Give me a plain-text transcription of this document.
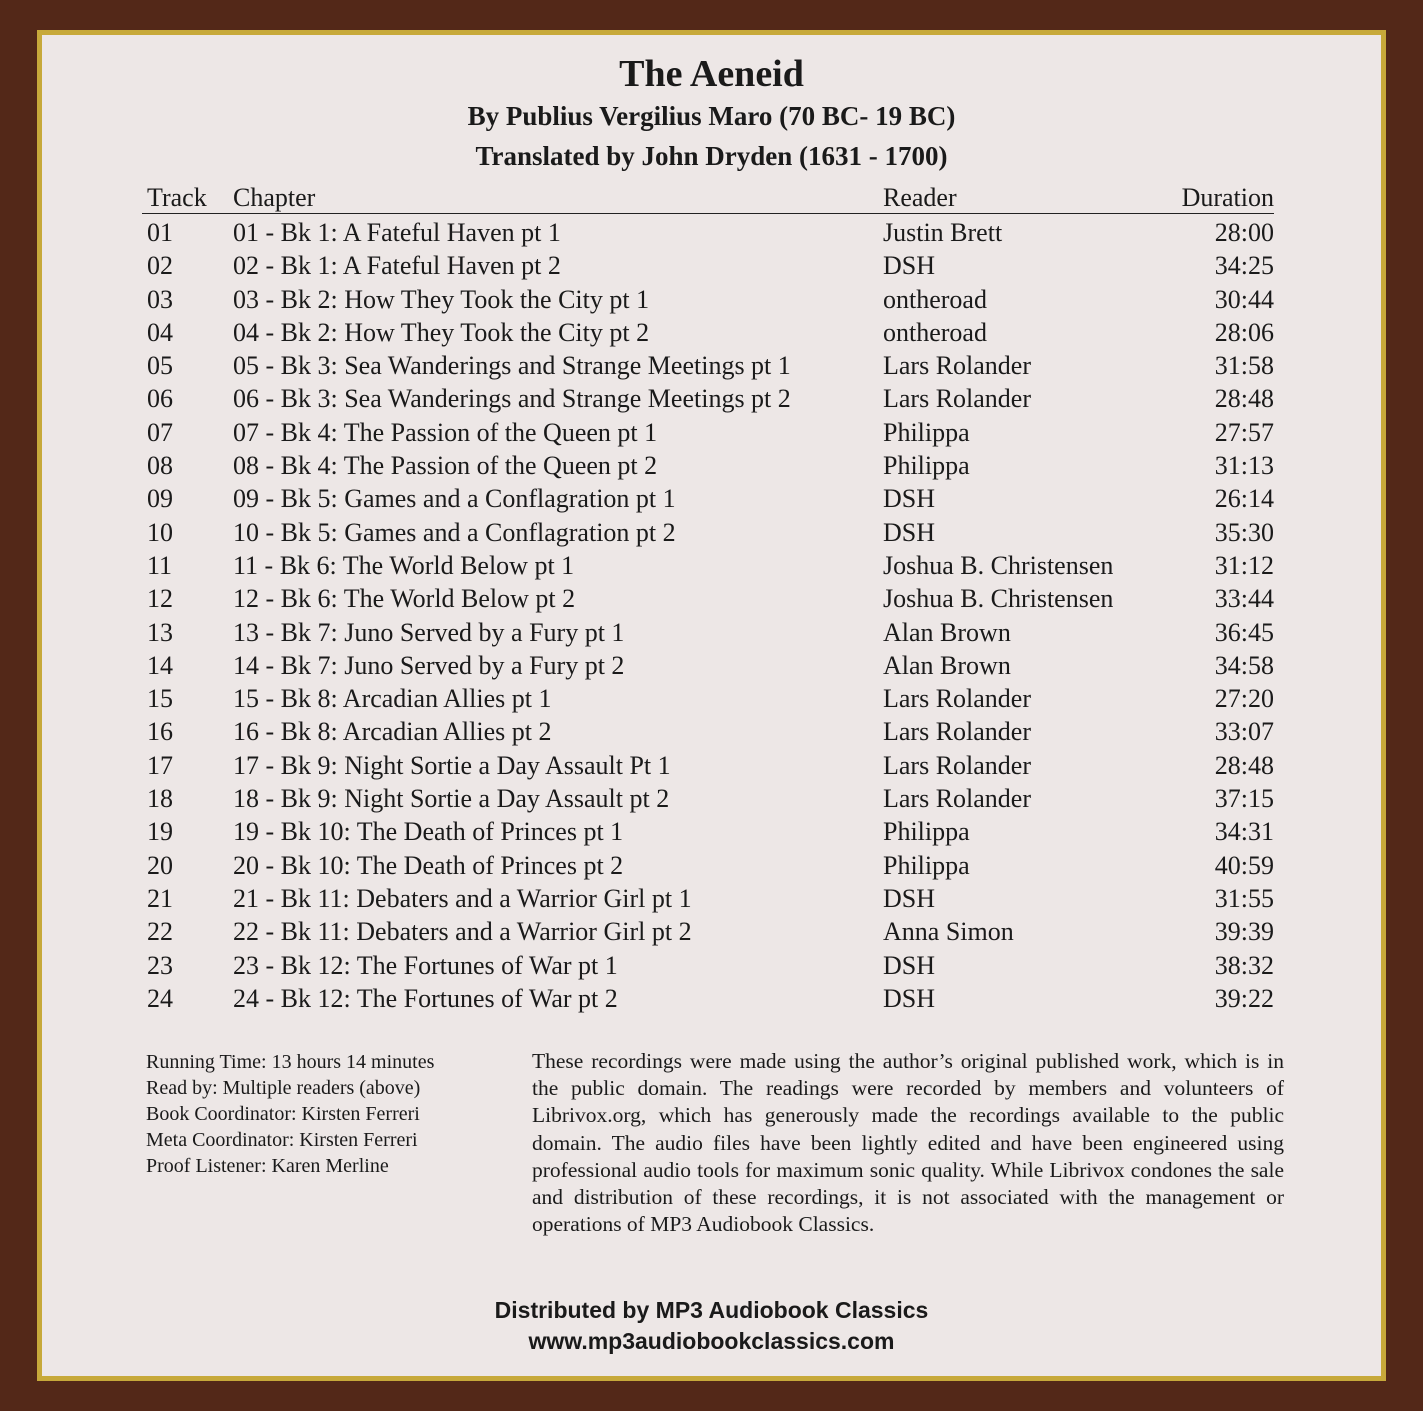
The Aeneid
By Publius Vergilius Maro (70 BC- 19 BC)
Translated by John Dryden (1631 - 1700)
Track Chapter	Reader	Duration
01 01 - Bk 1: A Fateful Haven pt 1	Justin Brett	28:00
02 02 - Bk 1: A Fateful Haven pt 2	DSH	34:25
03 03 - Bk 2: How They Took the City pt 1	ontheroad	30:44
04 04 - Bk 2: How They Took the City pt 2	ontheroad	28:06
05 05 - Bk 3: Sea Wanderings and Strange Meetings pt 1	Lars Rolander	31:58
06 06 - Bk 3: Sea Wanderings and Strange Meetings pt 2	Lars Rolander	28:48
07 07 - Bk 4: The Passion of the Queen pt 1	Philippa	27:57
08 08 - Bk 4: The Passion of the Queen pt 2	Philippa	31:13
09 09 - Bk 5: Games and a Conflagration pt 1	DSH	26:14
10 10 - Bk 5: Games and a Conflagration pt 2	DSH	35:30
11 11 - Bk 6: The World Below pt 1	Joshua B. Christensen	31:12
12 12 - Bk 6: The World Below pt 2	Joshua B. Christensen	33:44
13 13 - Bk 7: Juno Served by a Fury pt 1	Alan Brown	36:45
14 14 - Bk 7: Juno Served by a Fury pt 2	Alan Brown	34:58
15 15 - Bk 8: Arcadian Allies pt 1	Lars Rolander	27:20
16 16 - Bk 8: Arcadian Allies pt 2	Lars Rolander	33:07
17 17 - Bk 9: Night Sortie a Day Assault Pt 1	Lars Rolander	28:48
18 18 - Bk 9: Night Sortie a Day Assault pt 2	Lars Rolander	37:15
19 19 - Bk 10: The Death of Princes pt 1	Philippa	34:31
20 20 - Bk 10: The Death of Princes pt 2	Philippa	40:59
21 21 - Bk 11: Debaters and a Warrior Girl pt 1	DSH	31:55
22 22 - Bk 11: Debaters and a Warrior Girl pt 2	Anna Simon	39:39
23 23 - Bk 12: The Fortunes of War pt 1	DSH	38:32
24 24 - Bk 12: The Fortunes of War pt 2	DSH	39:22
Running Time: 13 hours 14 minutes
Read by: Multiple readers (above)
Book Coordinator: Kirsten Ferreri
Meta Coordinator: Kirsten Ferreri
Proof Listener: Karen Merline
These recordings were made using the author’s original published work, which is in the public domain. The readings were recorded by members and volunteers of Librivox.org, which has generously made the recordings available to the public domain. The audio files have been lightly edited and have been engineered using professional audio tools for maximum sonic quality. While Librivox condones the sale and distribution of these recordings, it is not associated with the management or operations of MP3 Audiobook Classics.
Distributed by MP3 Audiobook Classics
www.mp3audiobookclassics.com
